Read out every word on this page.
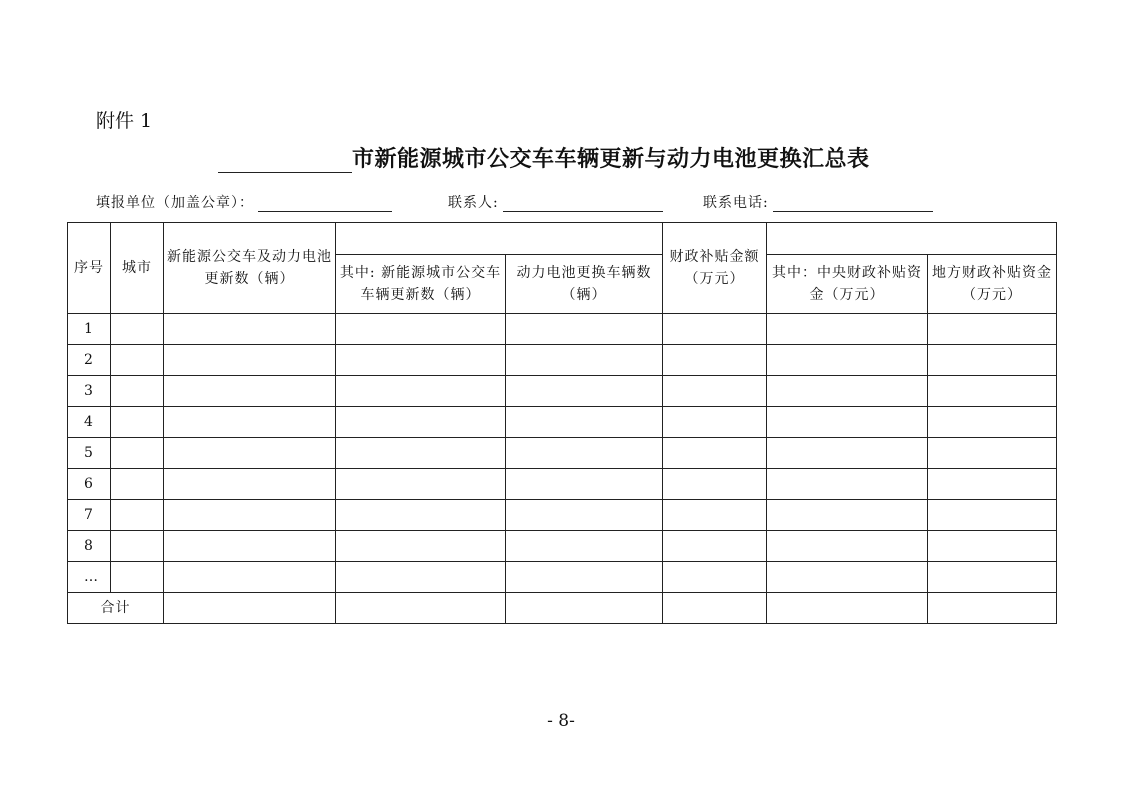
附件 1
市新能源城市公交车车辆更新与动力电池更换汇总表
填报单位（加盖公章）：	联系人:	联系电话:
序号	城市	新能源公交车及动力电池更新数（辆）			财政补贴金额（万元）		
			其中: 新能源城市公交车车辆更新数（辆）	动力电池更换车辆数（辆）		其中：中央财政补贴资金（万元）	地方财政补贴资金（万元）
1							
2							
3							
4							
5							
6							
7							
8							
…							
合计							
- 8-
